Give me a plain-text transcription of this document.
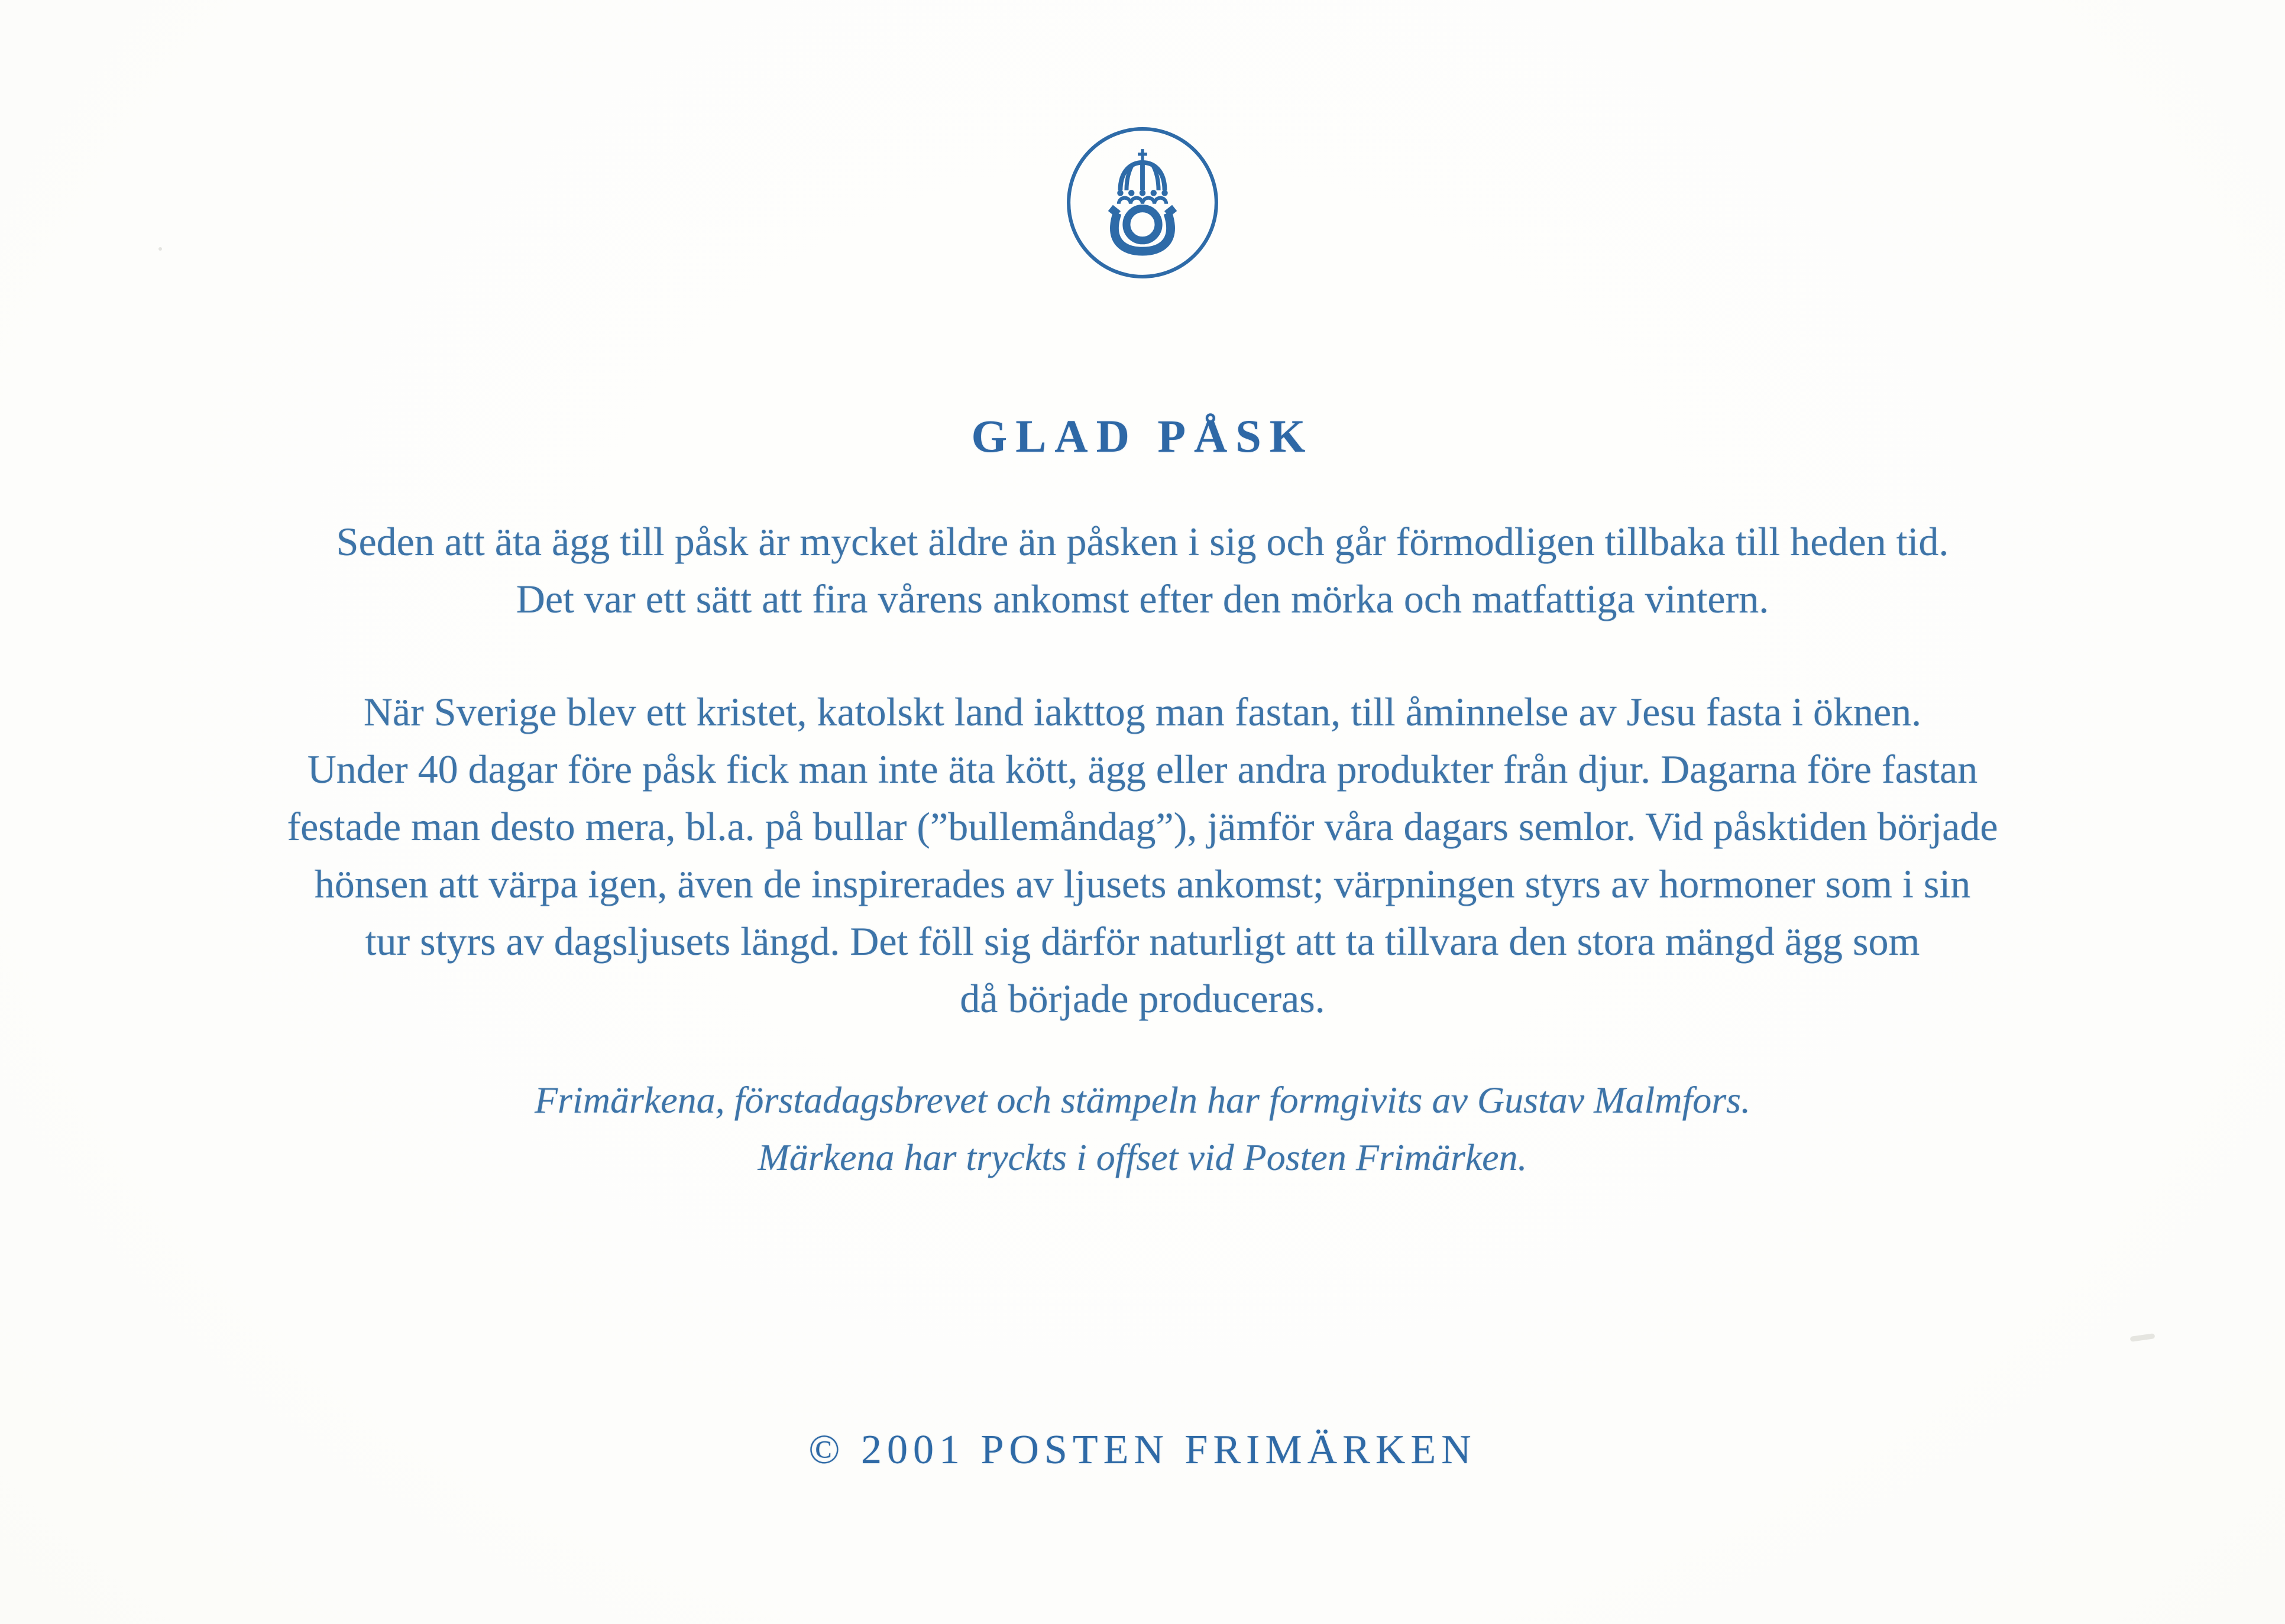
GLAD PÅSK
Seden att äta ägg till påsk är mycket äldre än påsken i sig och går förmodligen tillbaka till heden tid.
Det var ett sätt att fira vårens ankomst efter den mörka och matfattiga vintern.
När Sverige blev ett kristet, katolskt land iakttog man fastan, till åminnelse av Jesu fasta i öknen.
Under 40 dagar före påsk fick man inte äta kött, ägg eller andra produkter från djur. Dagarna före fastan
festade man desto mera, bl.a. på bullar (”bullemåndag”), jämför våra dagars semlor. Vid påsktiden började
hönsen att värpa igen, även de inspirerades av ljusets ankomst; värpningen styrs av hormoner som i sin
tur styrs av dagsljusets längd. Det föll sig därför naturligt att ta tillvara den stora mängd ägg som
då började produceras.
Frimärkena, förstadagsbrevet och stämpeln har formgivits av Gustav Malmfors.
Märkena har tryckts i offset vid Posten Frimärken.
© 2001 POSTEN FRIMÄRKEN
